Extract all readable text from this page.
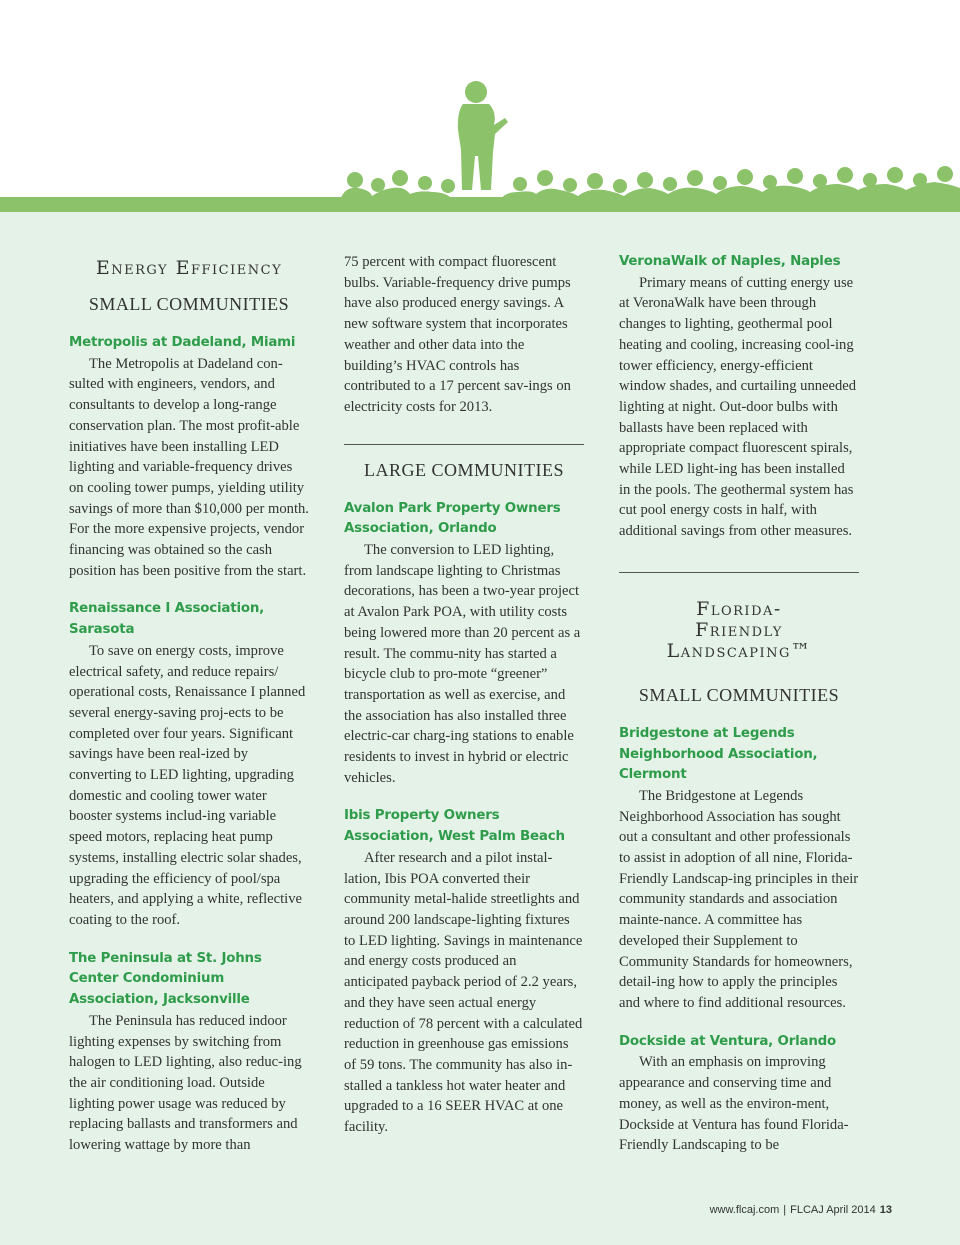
Energy Efficiency
SMALL COMMUNITIES
Metropolis at Dadeland, Miami

The Metropolis at Dadeland con-sulted with engineers, vendors, and consultants to develop a long-range conservation plan. The most profit-able initiatives have been installing LED lighting and variable-frequency drives on cooling tower pumps, yielding utility savings of more than $10,000 per month. For the more expensive projects, vendor financing was obtained so the cash position has been positive from the start.

Renaissance I Association, Sarasota

To save on energy costs, improve electrical safety, and reduce repairs/ operational costs, Renaissance I planned several energy-saving proj-ects to be completed over four years. Significant savings have been real-ized by converting to LED lighting, upgrading domestic and cooling tower water booster systems includ-ing variable speed motors, replacing heat pump systems, installing electric solar shades, upgrading the efficiency of pool/spa heaters, and applying a white, reflective coating to the roof.

The Peninsula at St. Johns Center Condominium Association, Jacksonville

The Peninsula has reduced indoor lighting expenses by switching from halogen to LED lighting, also reduc-ing the air conditioning load. Outside lighting power usage was reduced by replacing ballasts and transformers and lowering wattage by more than

75 percent with compact fluorescent bulbs. Variable-frequency drive pumps have also produced energy savings. A new software system that incorporates weather and other data into the building’s HVAC controls has contributed to a 17 percent sav-ings on electricity costs for 2013.

LARGE COMMUNITIES
Avalon Park Property Owners Association, Orlando

The conversion to LED lighting, from landscape lighting to Christmas decorations, has been a two-year project at Avalon Park POA, with utility costs being lowered more than 20 percent as a result. The commu-nity has started a bicycle club to pro-mote “greener” transportation as well as exercise, and the association has also installed three electric-car charg-ing stations to enable residents to invest in hybrid or electric vehicles.

Ibis Property Owners Association, West Palm Beach

After research and a pilot instal-lation, Ibis POA converted their community metal-halide streetlights and around 200 landscape-lighting fixtures to LED lighting. Savings in maintenance and energy costs produced an anticipated payback period of 2.2 years, and they have seen actual energy reduction of 78 percent with a calculated reduction in greenhouse gas emissions of 59 tons. The community has also in-stalled a tankless hot water heater and upgraded to a 16 SEER HVAC at one facility.

VeronaWalk of Naples, Naples

Primary means of cutting energy use at VeronaWalk have been through changes to lighting, geothermal pool heating and cooling, increasing cool-ing tower efficiency, energy-efficient window shades, and curtailing unneeded lighting at night. Out-door bulbs with ballasts have been replaced with appropriate compact fluorescent spirals, while LED light-ing has been installed in the pools. The geothermal system has cut pool energy costs in half, with additional savings from other measures.

Florida-Friendly Landscaping™
SMALL COMMUNITIES
Bridgestone at Legends Neighborhood Association, Clermont

The Bridgestone at Legends Neighborhood Association has sought out a consultant and other professionals to assist in adoption of all nine, Florida-Friendly Landscap-ing principles in their community standards and association mainte-nance. A committee has developed their Supplement to Community Standards for homeowners, detail-ing how to apply the principles and where to find additional resources.

Dockside at Ventura, Orlando

With an emphasis on improving appearance and conserving time and money, as well as the environ-ment, Dockside at Ventura has found Florida-Friendly Landscaping to be

www.flcaj.com | FLCAJ April 2014 13
